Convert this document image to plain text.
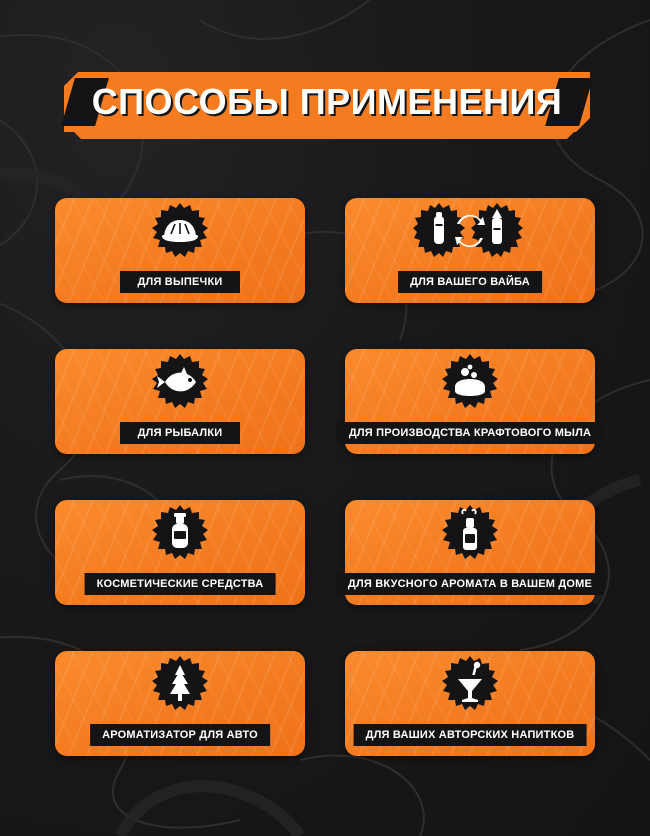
СПОСОБЫ ПРИМЕНЕНИЯ
ДЛЯ ВЫПЕЧКИ	ДЛЯ ВАШЕГО ВАЙБА
ДЛЯ РЫБАЛКИ	ДЛЯ ПРОИЗВОДСТВА КРАФТОВОГО МЫЛА
КОСМЕТИЧЕСКИЕ СРЕДСТВА	ДЛЯ ВКУСНОГО АРОМАТА В ВАШЕМ ДОМЕ
АРОМАТИЗАТОР ДЛЯ АВТО	ДЛЯ ВАШИХ АВТОРСКИХ НАПИТКОВ
